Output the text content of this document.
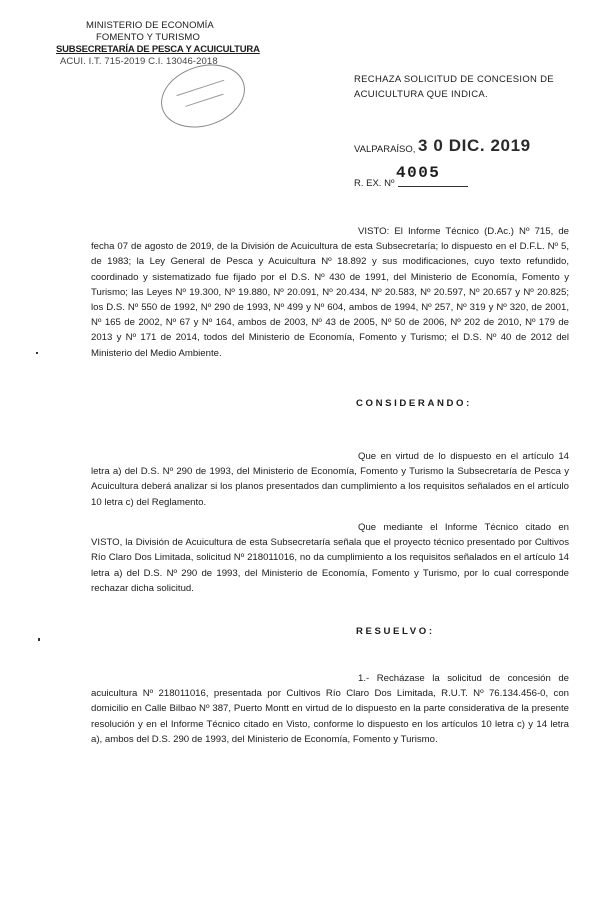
MINISTERIO DE ECONOMÍA
FOMENTO Y TURISMO
SUBSECRETARÍA DE PESCA Y ACUICULTURA
ACUI. I.T. 715-2019 C.I. 13046-2018
RECHAZA SOLICITUD DE CONCESION DE
ACUICULTURA QUE INDICA.
VALPARAÍSO, 3 0 DIC. 2019
R. EX. Nº
4005
VISTO: El Informe Técnico (D.Ac.) Nº 715, de fecha 07 de agosto de 2019, de la División de Acuicultura de esta Subsecretaría; lo dispuesto en el D.F.L. Nº 5, de 1983; la Ley General de Pesca y Acuicultura Nº 18.892 y sus modificaciones, cuyo texto refundido, coordinado y sistematizado fue fijado por el D.S. Nº 430 de 1991, del Ministerio de Economía, Fomento y Turismo; las Leyes Nº 19.300, Nº 19.880, Nº 20.091, Nº 20.434, Nº 20.583, Nº 20.597, Nº 20.657 y Nº 20.825; los D.S. Nº 550 de 1992, Nº 290 de 1993, Nº 499 y Nº 604, ambos de 1994, Nº 257, Nº 319 y Nº 320, de 2001, Nº 165 de 2002, Nº 67 y Nº 164, ambos de 2003, Nº 43 de 2005, Nº 50 de 2006, Nº 202 de 2010, Nº 179 de 2013 y Nº 171 de 2014, todos del Ministerio de Economía, Fomento y Turismo; el D.S. Nº 40 de 2012 del Ministerio del Medio Ambiente.
CONSIDERANDO:
Que en virtud de lo dispuesto en el artículo 14 letra a) del D.S. Nº 290 de 1993, del Ministerio de Economía, Fomento y Turismo la Subsecretaría de Pesca y Acuicultura deberá analizar si los planos presentados dan cumplimiento a los requisitos señalados en el artículo 10 letra c) del Reglamento.
Que mediante el Informe Técnico citado en VISTO, la División de Acuicultura de esta Subsecretaría señala que el proyecto técnico presentado por Cultivos Río Claro Dos Limitada, solicitud Nº 218011016, no da cumplimiento a los requisitos señalados en el artículo 14 letra a) del D.S. Nº 290 de 1993, del Ministerio de Economía, Fomento y Turismo, por lo cual corresponde rechazar dicha solicitud.
RESUELVO:
1.- Recházase la solicitud de concesión de acuicultura Nº 218011016, presentada por Cultivos Río Claro Dos Limitada, R.U.T. Nº 76.134.456-0, con domicilio en Calle Bilbao Nº 387, Puerto Montt en virtud de lo dispuesto en la parte considerativa de la presente resolución y en el Informe Técnico citado en Visto, conforme lo dispuesto en los artículos 10 letra c) y 14 letra a), ambos del D.S. 290 de 1993, del Ministerio de Economía, Fomento y Turismo.
